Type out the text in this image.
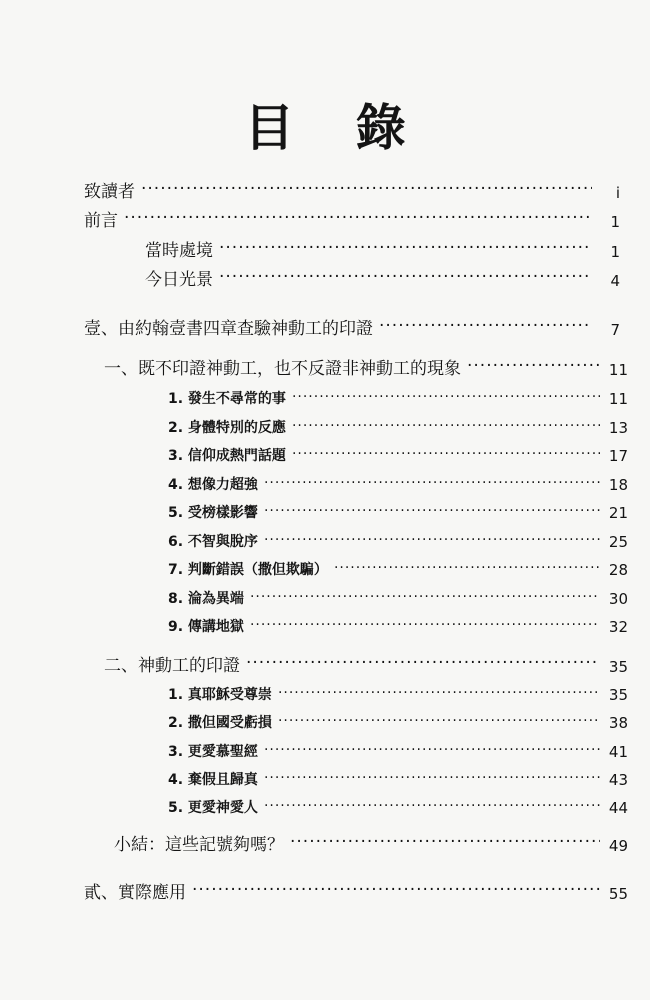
目 錄
致讀者 ·····	i
前言 ·····	1
當時處境 ·····	1
今日光景 ·····	4
壹、由約翰壹書四章查驗神動工的印證 ·····	7
一、既不印證神動工，也不反證非神動工的現象 ·····	11
1. 發生不尋常的事 ·····	11
2. 身體特別的反應 ·····	13
3. 信仰成熱門話題 ·····	17
4. 想像力超強 ·····	18
5. 受榜樣影響 ·····	21
6. 不智與脫序 ·····	25
7. 判斷錯誤（撒但欺騙） ·····	28
8. 淪為異端 ·····	30
9. 傳講地獄 ·····	32
二、神動工的印證 ·····	35
1. 真耶穌受尊崇 ·····	35
2. 撒但國受虧損 ·····	38
3. 更愛慕聖經 ·····	41
4. 棄假且歸真 ·····	43
5. 更愛神愛人 ·····	44
小結：這些記號夠嗎？ ·····	49
貳、實際應用 ·····	55
